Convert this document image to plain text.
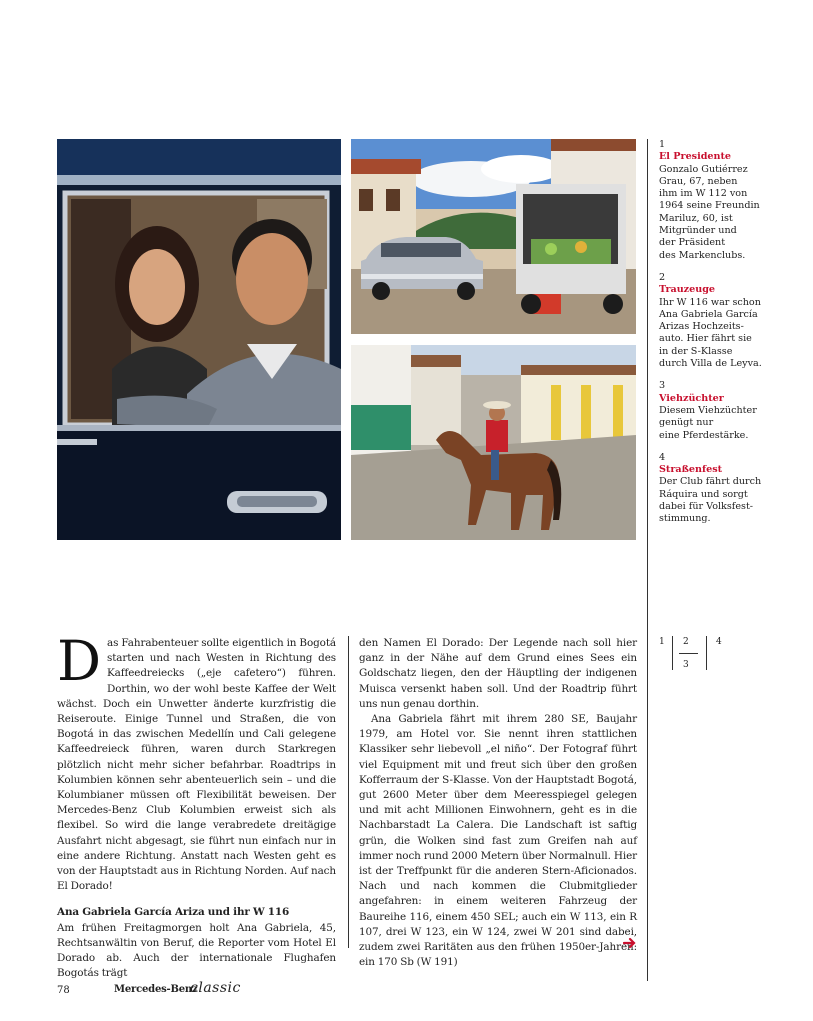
1
El Presidente
Gonzalo Gutiérrez
Grau, 67, neben
ihm im W 112 von
1964 seine Freundin
Mariluz, 60, ist
Mitgründer und
der Präsident
des Markenclubs.
2
Trauzeuge
Ihr W 116 war schon
Ana Gabriela García
Arizas Hochzeits-
auto. Hier fährt sie
in der S-Klasse
durch Villa de Leyva.
3
Viehzüchter
Diesem Viehzüchter
genügt nur
eine Pferdestärke.
4
Straßenfest
Der Club fährt durch
Ráquira und sorgt
dabei für Volksfest-
stimmung.
1 2
3
4

Das Fahrabenteuer sollte eigentlich in Bogotá starten und nach Westen in Richtung des Kaffeedreiecks („eje cafetero“) führen. Dorthin, wo der wohl beste Kaffee der Welt wächst. Doch ein Unwetter änderte kurzfristig die Reiseroute. Einige Tunnel und Straßen, die von Bogotá in das zwischen Medellín und Cali gelegene Kaffeedreieck führen, waren durch Starkregen plötzlich nicht mehr sicher befahrbar. Roadtrips in Kolumbien können sehr abenteuerlich sein – und die Kolumbianer müssen oft Flexibilität beweisen. Der Mercedes-Benz Club Kolumbien erweist sich als flexibel. So wird die lange verabredete dreitägige Ausfahrt nicht abgesagt, sie führt nun einfach nur in eine andere Richtung. Anstatt nach Westen geht es von der Hauptstadt aus in Richtung Norden. Auf nach El Dorado!

Ana Gabriela García Ariza und ihr W 116

Am frühen Freitagmorgen holt Ana Gabriela, 45, Rechtsanwältin von Beruf, die Reporter vom Hotel El Dorado ab. Auch der internationale Flughafen Bogotás trägt

den Namen El Dorado: Der Legende nach soll hier ganz in der Nähe auf dem Grund eines Sees ein Goldschatz liegen, den der Häuptling der indigenen Muisca versenkt haben soll. Und der Roadtrip führt uns nun genau dorthin.

Ana Gabriela fährt mit ihrem 280 SE, Baujahr 1979, am Hotel vor. Sie nennt ihren stattlichen Klassiker sehr liebevoll „el niño“. Der Fotograf führt viel Equipment mit und freut sich über den großen Kofferraum der S-Klasse. Von der Hauptstadt Bogotá, gut 2600 Meter über dem Meeresspiegel gelegen und mit acht Millionen Einwohnern, geht es in die Nachbarstadt La Calera. Die Landschaft ist saftig grün, die Wolken sind fast zum Greifen nah auf immer noch rund 2000 Metern über Normalnull. Hier ist der Treffpunkt für die anderen Stern-Aficionados. Nach und nach kommen die Clubmitglieder angefahren: in einem weiteren Fahrzeug der Baureihe 116, einem 450 SEL; auch ein W 113, ein R 107, drei W 123, ein W 124, zwei W 201 sind dabei, zudem zwei Raritäten aus den frühen 1950er-Jahren: ein 170 Sb (W 191)

78	Mercedes-Benz
classic
